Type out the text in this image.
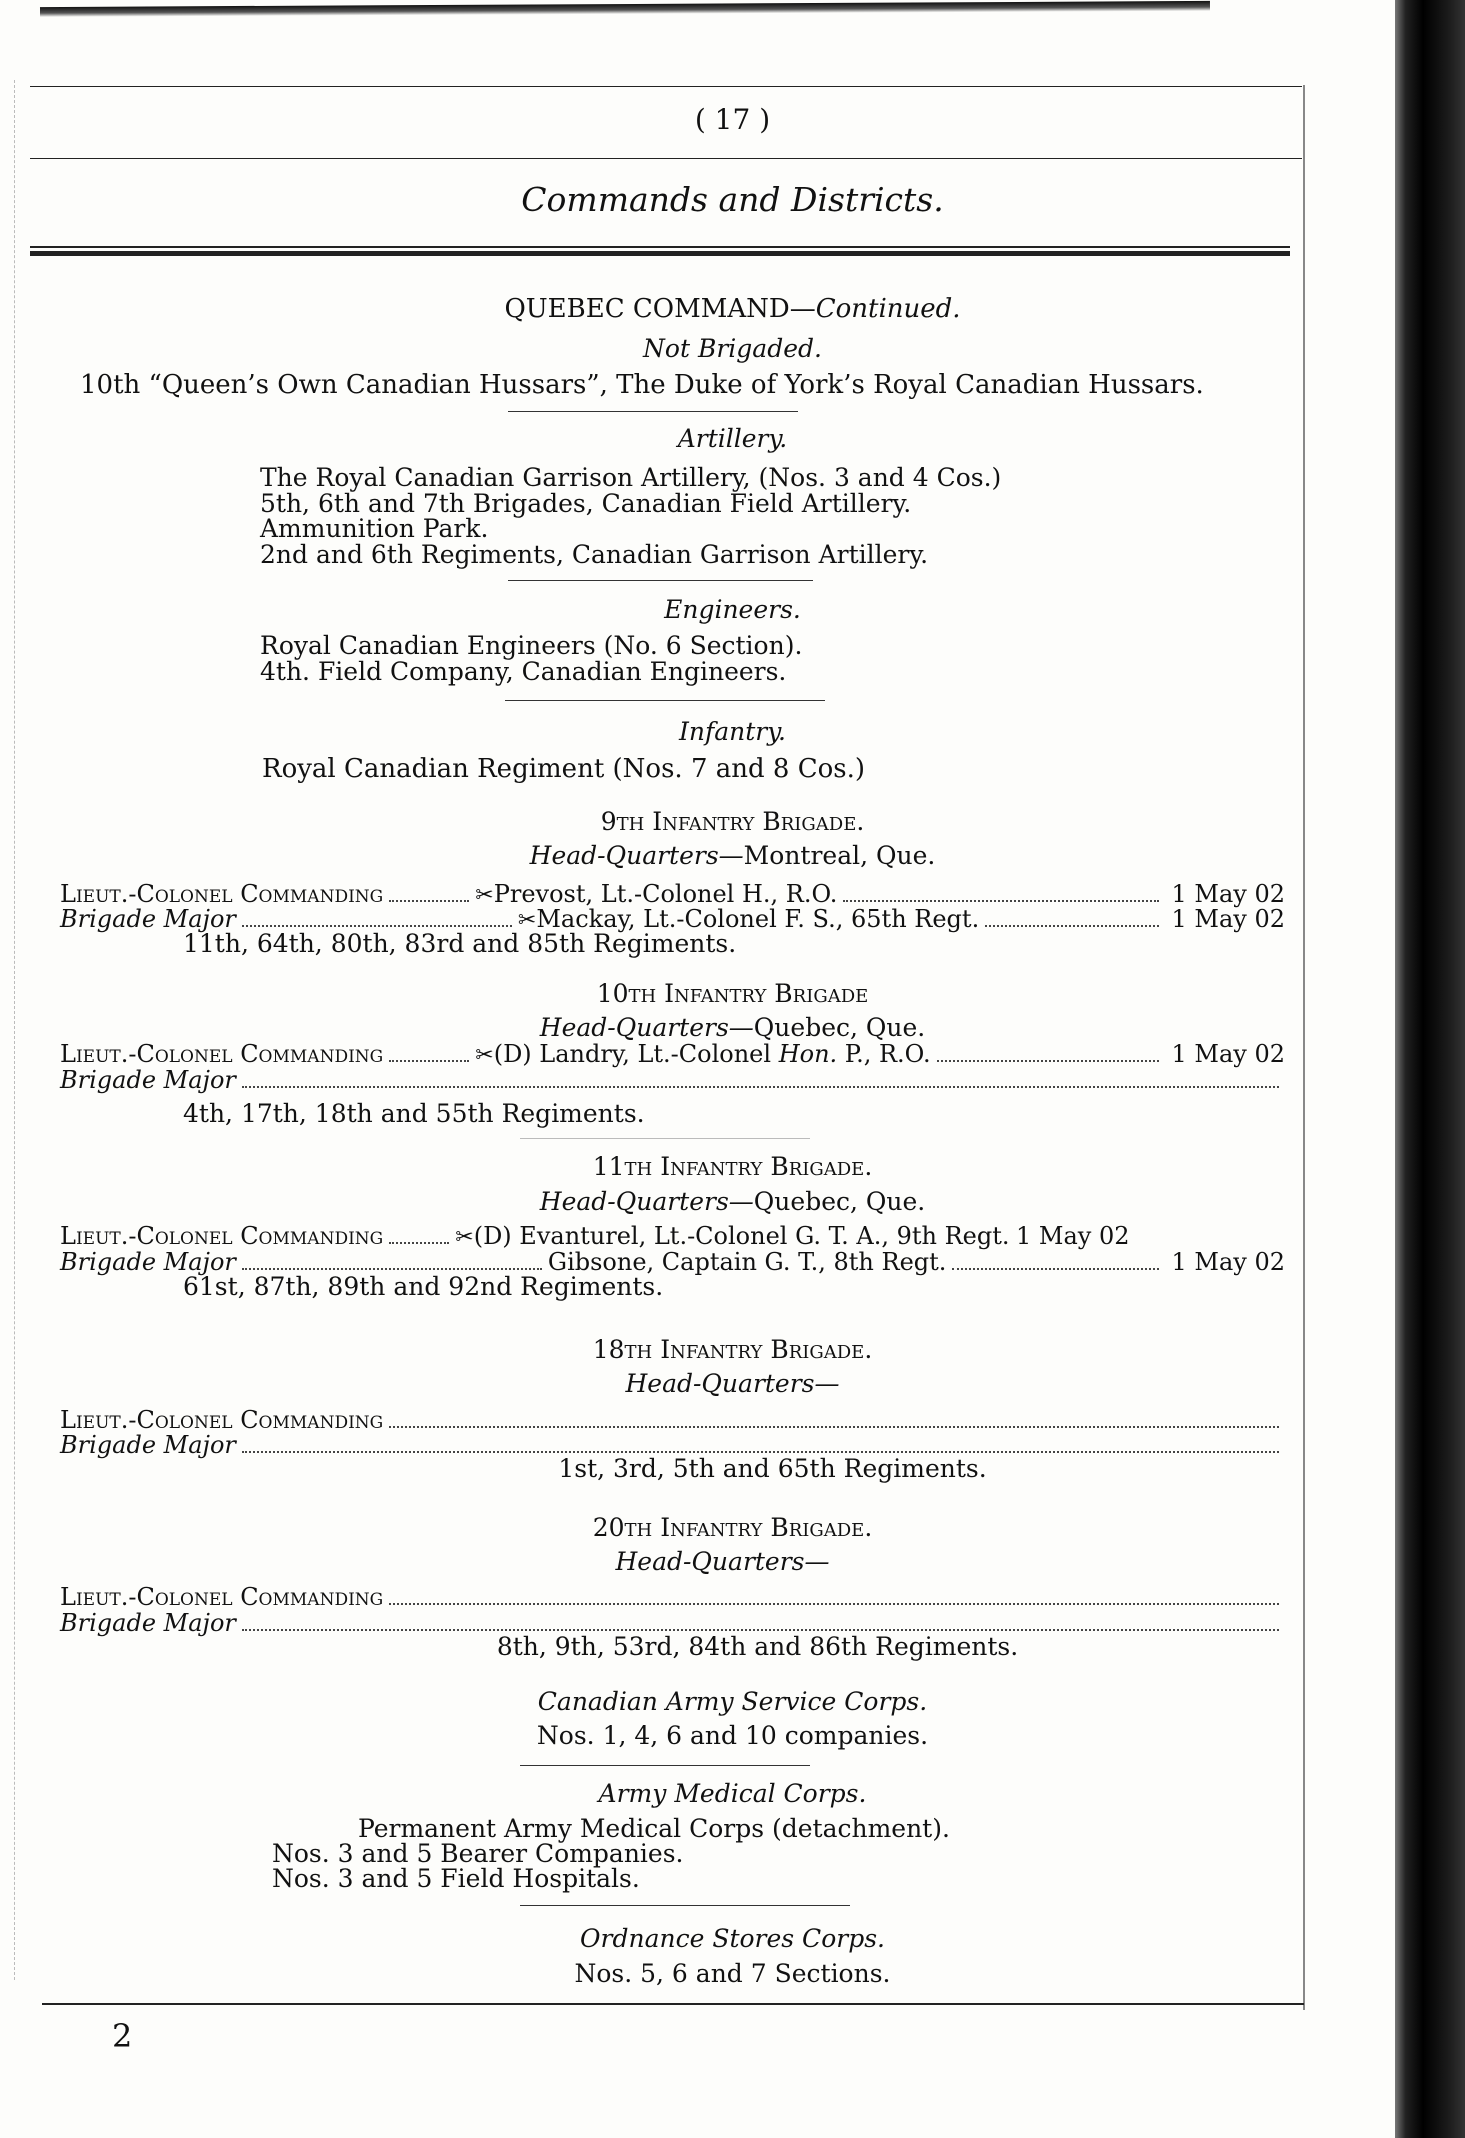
( 17 )
Commands and Districts.
QUEBEC COMMAND—Continued.
Not Brigaded.
10th “Queen’s Own Canadian Hussars”, The Duke of York’s Royal Canadian Hussars.
Artillery.
The Royal Canadian Garrison Artillery, (Nos. 3 and 4 Cos.)
5th, 6th and 7th Brigades, Canadian Field Artillery.
Ammunition Park.
2nd and 6th Regiments, Canadian Garrison Artillery.
Engineers.
Royal Canadian Engineers (No. 6 Section).
4th. Field Company, Canadian Engineers.
Infantry.
Royal Canadian Regiment (Nos. 7 and 8 Cos.)
9th Infantry Brigade.
Head-Quarters—Montreal, Que.
Lieut.-Colonel Commanding	✂ Prevost, Lt.-Colonel H., R.O.	1 May 02
Brigade Major	✂ Mackay, Lt.-Colonel F. S., 65th Regt.	1 May 02
11th, 64th, 80th, 83rd and 85th Regiments.
10th Infantry Brigade
Head-Quarters—Quebec, Que.
Lieut.-Colonel Commanding	✂ (D) Landry, Lt.-Colonel Hon. P., R.O.	1 May 02
Brigade Major
4th, 17th, 18th and 55th Regiments.
11th Infantry Brigade.
Head-Quarters—Quebec, Que.
Lieut.-Colonel Commanding	✂ (D) Evanturel, Lt.-Colonel G. T. A., 9th Regt. 1 May 02
Brigade Major	Gibsone, Captain G. T., 8th Regt.	1 May 02
61st, 87th, 89th and 92nd Regiments.
18th Infantry Brigade.
Head-Quarters—
Lieut.-Colonel Commanding
Brigade Major
1st, 3rd, 5th and 65th Regiments.
20th Infantry Brigade.
Head-Quarters—
Lieut.-Colonel Commanding
Brigade Major
8th, 9th, 53rd, 84th and 86th Regiments.
Canadian Army Service Corps.
Nos. 1, 4, 6 and 10 companies.
Army Medical Corps.
Permanent Army Medical Corps (detachment).
Nos. 3 and 5 Bearer Companies.
Nos. 3 and 5 Field Hospitals.
Ordnance Stores Corps.
Nos. 5, 6 and 7 Sections.
2
